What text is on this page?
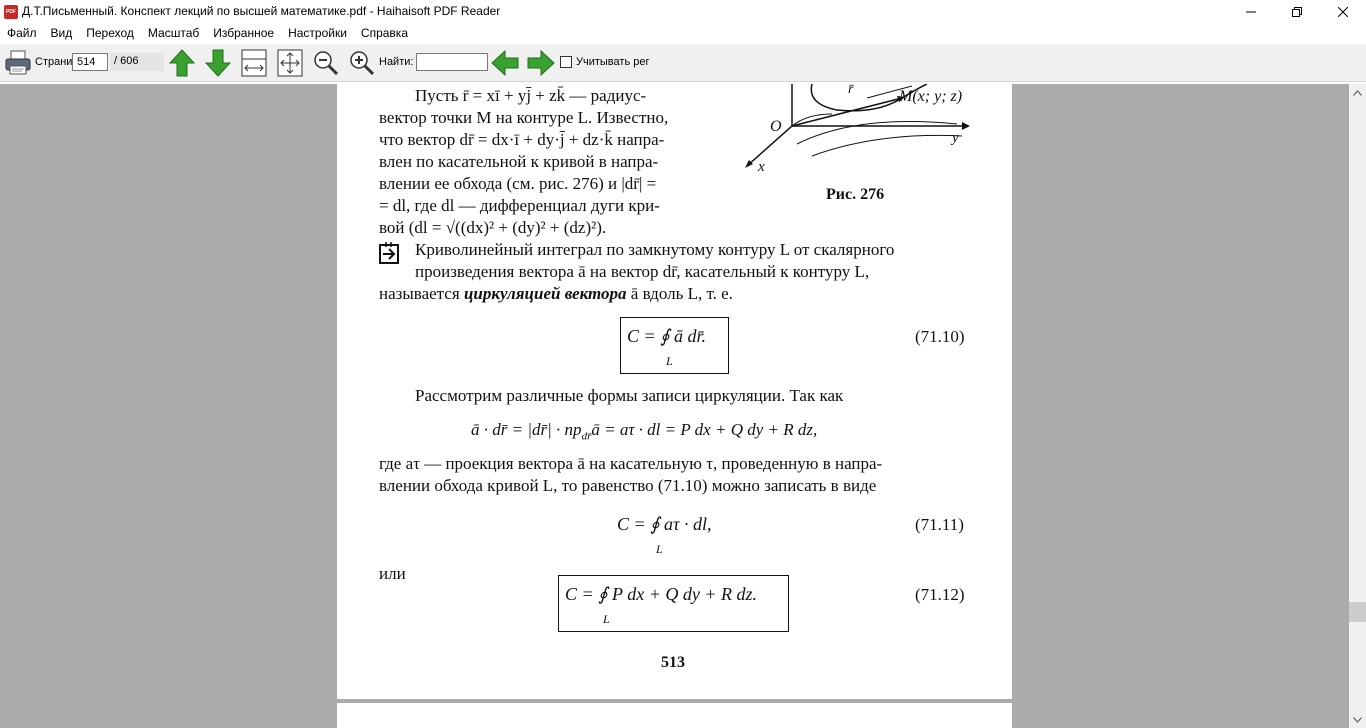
PDF
Д.Т.Письменный. Конспект лекций по высшей математике.pdf - Haihaisoft PDF Reader
Файл	Вид	Переход	Масштаб	Избранное	Настройки	Справка
Страни
514	/ 606	Найти:	Учитывать рег
r̄	M(x; y; z)
O
y
x
Рис. 276
Пусть r̄ = xī + yj̄ + zk̄ — радиус-
вектор точки M на контуре L. Известно,
что вектор dr̄ = dx·ī + dy·j̄ + dz·k̄ напра-
влен по касательной к кривой в напра-
влении ее обхода (см. рис. 276) и |dr̄| =
= dl, где dl — дифференциал дуги кри-
вой (dl = √((dx)² + (dy)² + (dz)²).
Криволинейный интеграл по замкнутому контуру L от скалярного
произведения вектора ā на вектор dr̄, касательный к контуру L,
называется циркуляцией вектора ā вдоль L, т. е.
C = ∮ ā dr̄.
L
(71.10)
Рассмотрим различные формы записи циркуляции. Так как
ā · dr̄ = |dr̄| · $пр_{dr̄}ā = a\tau$ · dl = P dx + Q dy + R dz,
где aτ — проекция вектора ā на касательную τ, проведенную в напра-
влении обхода кривой L, то равенство (71.10) можно записать в виде
C = ∮ aτ · dl,
L
(71.11)
или
C = ∮ P dx + Q dy + R dz.
L
(71.12)
513
